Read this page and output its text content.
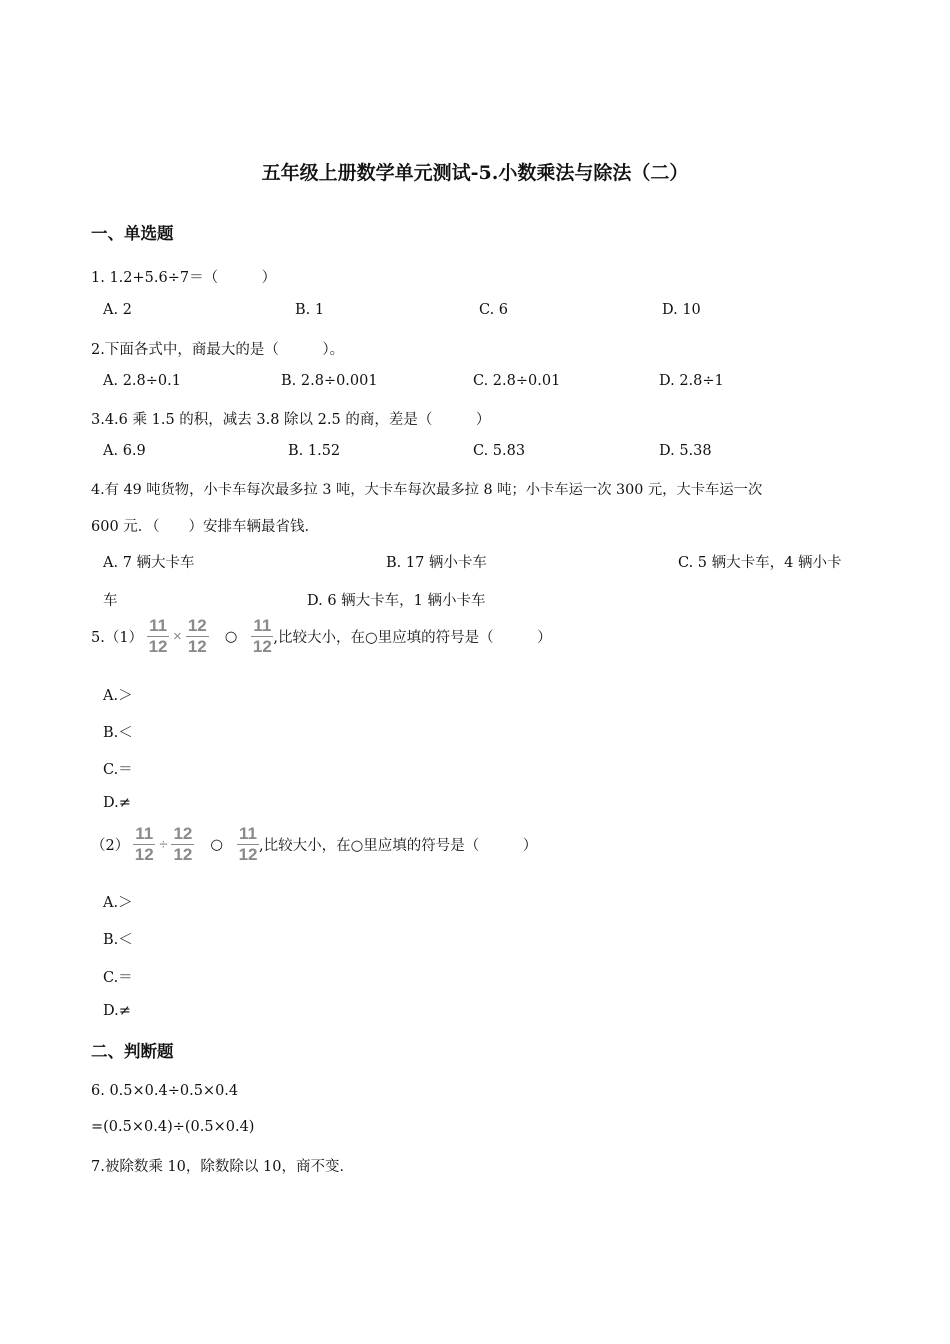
五年级上册数学单元测试-5.小数乘法与除法（二）
一、单选题
1. 1.2+5.6÷7＝（　　　）
A. 2	B. 1	C. 6	D. 10
2.下面各式中，商最大的是（　　　）。
A. 2.8÷0.1	B. 2.8÷0.001	C. 2.8÷0.01	D. 2.8÷1
3.4.6 乘 1.5 的积，减去 3.8 除以 2.5 的商，差是（　　　）
A. 6.9	B. 1.52	C. 5.83	D. 5.38
4.有 49 吨货物，小卡车每次最多拉 3 吨，大卡车每次最多拉 8 吨；小卡车运一次 300 元，大卡车运一次
600 元．（　　）安排车辆最省钱．
A. 7 辆大卡车	B. 17 辆小卡车	C. 5 辆大卡车，4 辆小卡
车	D. 6 辆大卡车，1 辆小卡车
$5.(1) \frac{11}{12} \times \frac{12}{12}$ ○ $\frac{11}{12}$ ,比较大小，在○里应填的符号是（　　　）
A.＞
B.＜
C.＝
D.≠
$(2) \frac{11}{12} \div \frac{12}{12}$ ○ $\frac{11}{12}$ ,比较大小，在○里应填的符号是（　　　）
A.＞
B.＜
C.＝
D.≠
二、判断题
6. 0.5×0.4÷0.5×0.4
=(0.5×0.4)÷(0.5×0.4)
7.被除数乘 10，除数除以 10，商不变．
